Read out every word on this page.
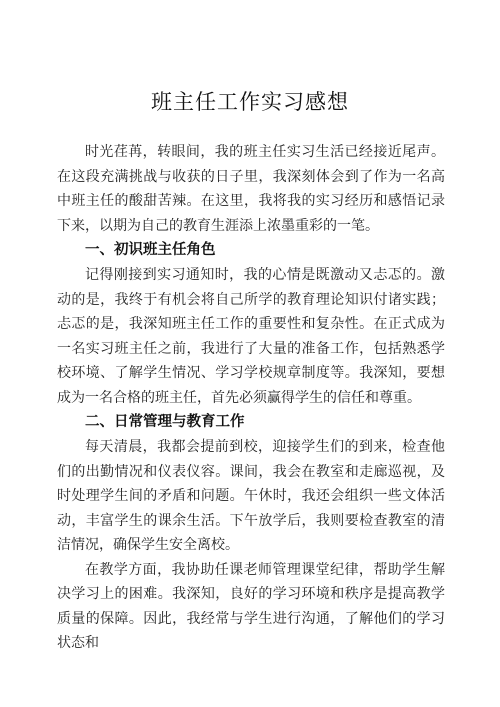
班主任工作实习感想

时光荏苒，转眼间，我的班主任实习生活已经接近尾声。在这段充满挑战与收获的日子里，我深刻体会到了作为一名高中班主任的酸甜苦辣。在这里，我将我的实习经历和感悟记录下来，以期为自己的教育生涯添上浓墨重彩的一笔。

一、初识班主任角色

记得刚接到实习通知时，我的心情是既激动又忐忑的。激动的是，我终于有机会将自己所学的教育理论知识付诸实践；忐忑的是，我深知班主任工作的重要性和复杂性。在正式成为一名实习班主任之前，我进行了大量的准备工作，包括熟悉学校环境、了解学生情况、学习学校规章制度等。我深知，要想成为一名合格的班主任，首先必须赢得学生的信任和尊重。

二、日常管理与教育工作

每天清晨，我都会提前到校，迎接学生们的到来，检查他们的出勤情况和仪表仪容。课间，我会在教室和走廊巡视，及时处理学生间的矛盾和问题。午休时，我还会组织一些文体活动，丰富学生的课余生活。下午放学后，我则要检查教室的清洁情况，确保学生安全离校。

在教学方面，我协助任课老师管理课堂纪律，帮助学生解决学习上的困难。我深知，良好的学习环境和秩序是提高教学质量的保障。因此，我经常与学生进行沟通，了解他们的学习状态和
